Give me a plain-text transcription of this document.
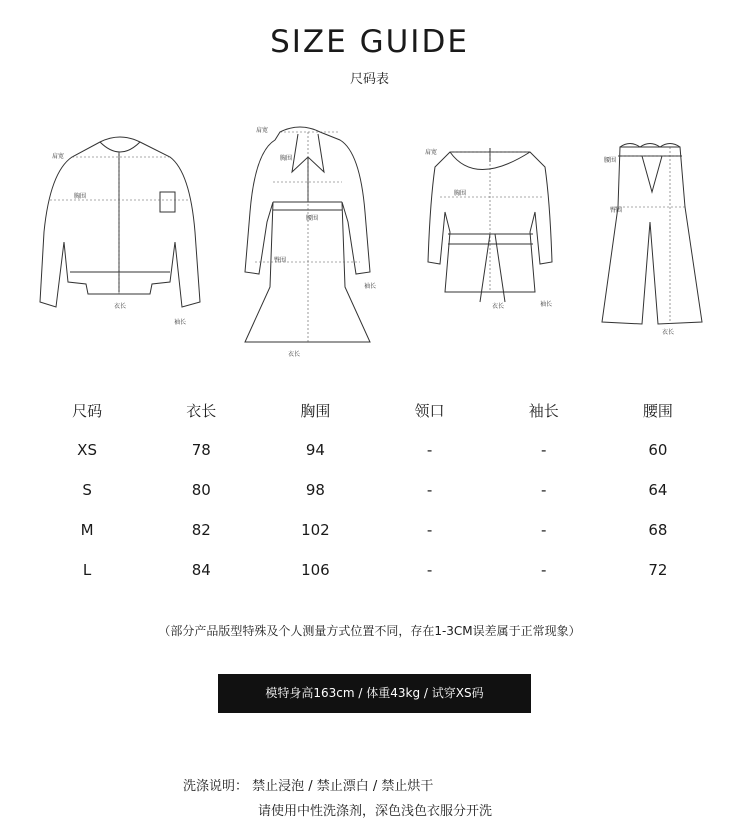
SIZE GUIDE
尺码表
肩宽
胸围
衣长
袖长
肩宽
胸围
腰围
臀围
衣长
袖长
肩宽
胸围
衣长	袖长
腰围
臀围
衣长
尺码	衣长	胸围	领口	袖长	腰围
XS	78	94	-	-	60
S	80	98	-	-	64
M	82	102	-	-	68
L	84	106	-	-	72
（部分产品版型特殊及个人测量方式位置不同，存在1-3CM误差属于正常现象）
模特身高163cm / 体重43kg / 试穿XS码
洗涤说明： 禁止浸泡 / 禁止漂白 / 禁止烘干
请使用中性洗涤剂，深色浅色衣服分开洗
